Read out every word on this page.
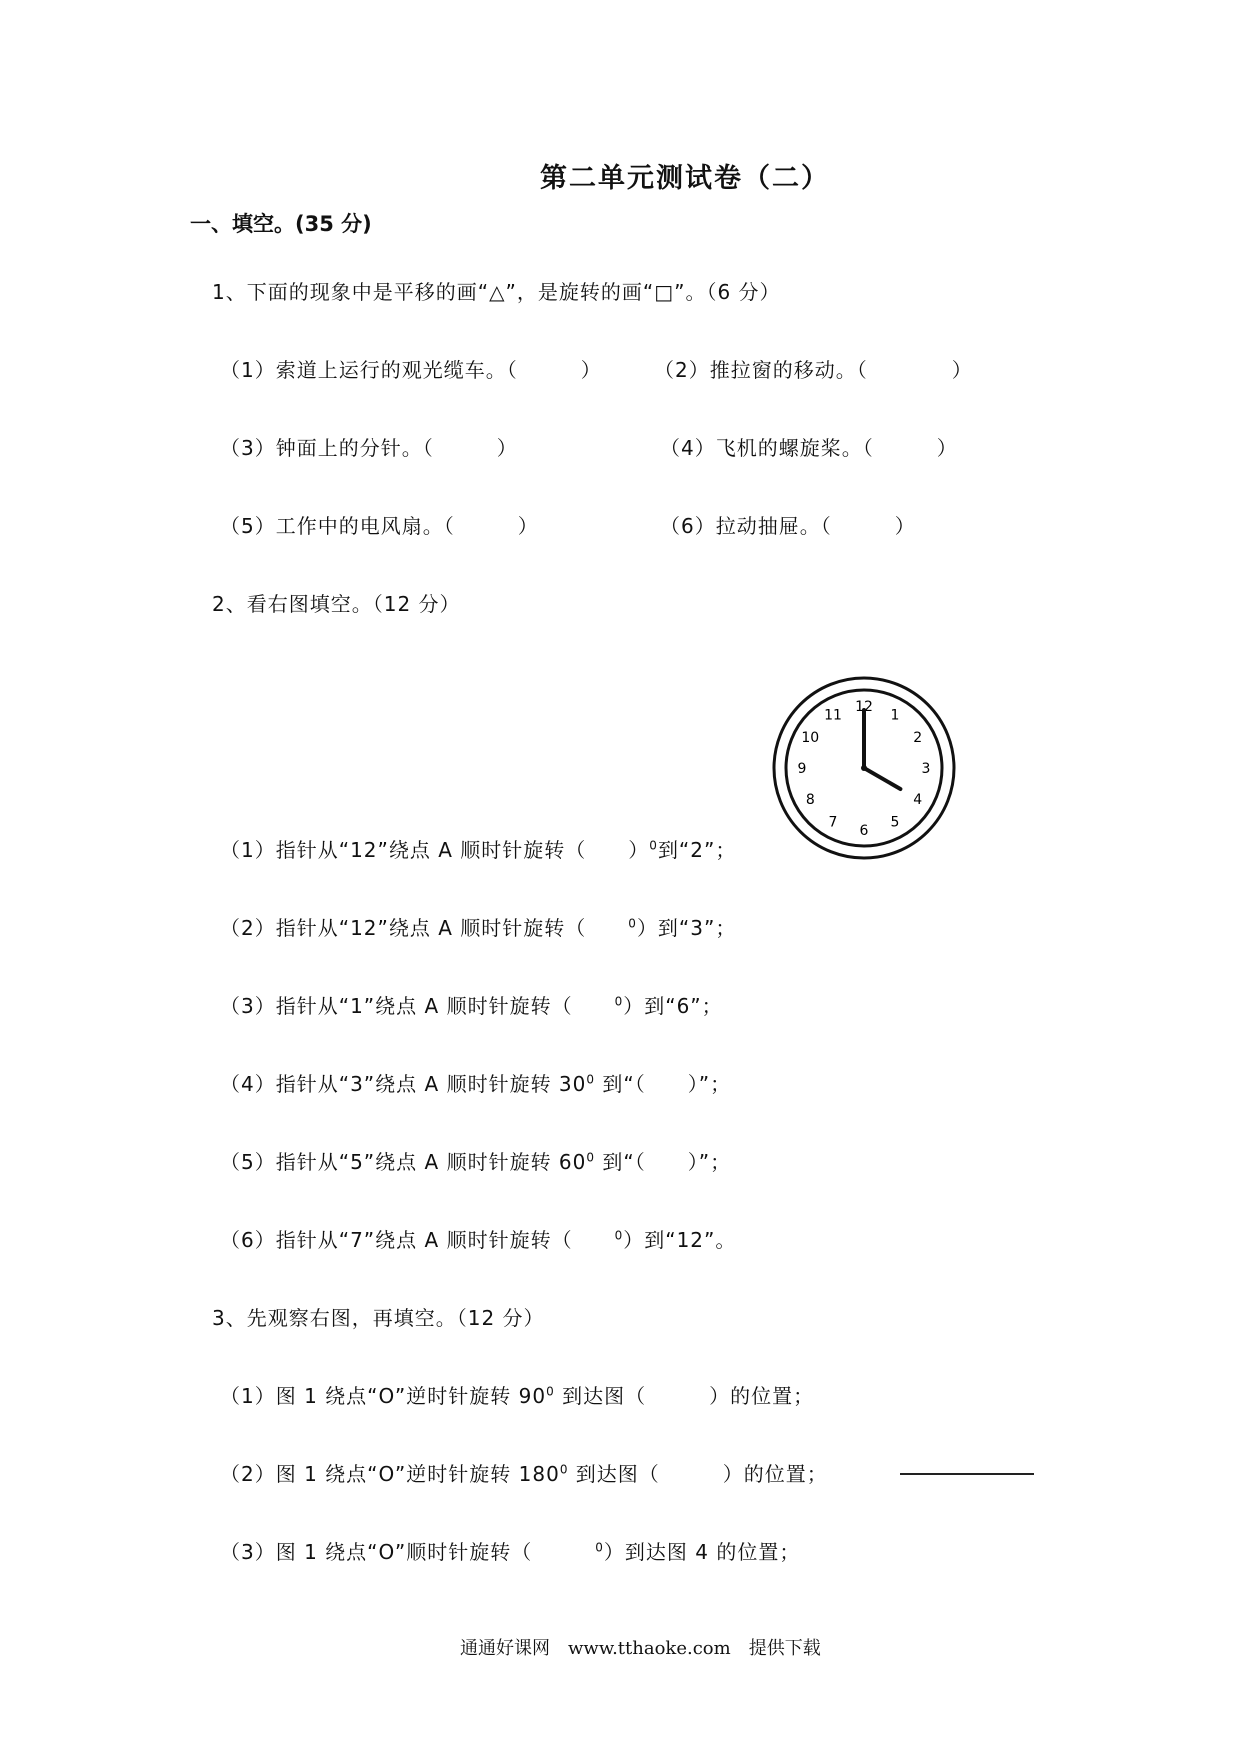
第二单元测试卷（二）
一、填空。(35 分)
1、下面的现象中是平移的画“△”，是旋转的画“□”。（6 分）
（1）索道上运行的观光缆车。（　　　）	（2）推拉窗的移动。（　　　　）
（3）钟面上的分针。（　　　）	（4）飞机的螺旋桨。（　　　）
（5）工作中的电风扇。（　　　）	（6）拉动抽屉。（　　　）
2、看右图填空。（12 分）
12
1
2
3
4
5
6
7
8
9
10
11
（1）指针从“12”绕点 A 顺时针旋转（　　）$^0$到“2”；
（2）指针从“12”绕点 A 顺时针旋转（　　$^0$）到“3”；
（3）指针从“1”绕点 A 顺时针旋转（　　$^0$）到“6”；
（4）指针从“3”绕点 A 顺时针旋转 $30^0$ 到“（　　）”；
（5）指针从“5”绕点 A 顺时针旋转 $60^0$ 到“（　　）”；
（6）指针从“7”绕点 A 顺时针旋转（　　$^0$）到“12”。
3、先观察右图，再填空。（12 分）
（1）图 1 绕点“O”逆时针旋转 $90^0$ 到达图（　　　）的位置；
（2）图 1 绕点“O”逆时针旋转 $180^0$ 到达图（　　　）的位置；
（3）图 1 绕点“O”顺时针旋转（　　　$^0$）到达图 4 的位置；
通通好课网　www.tthaoke.com　提供下载
